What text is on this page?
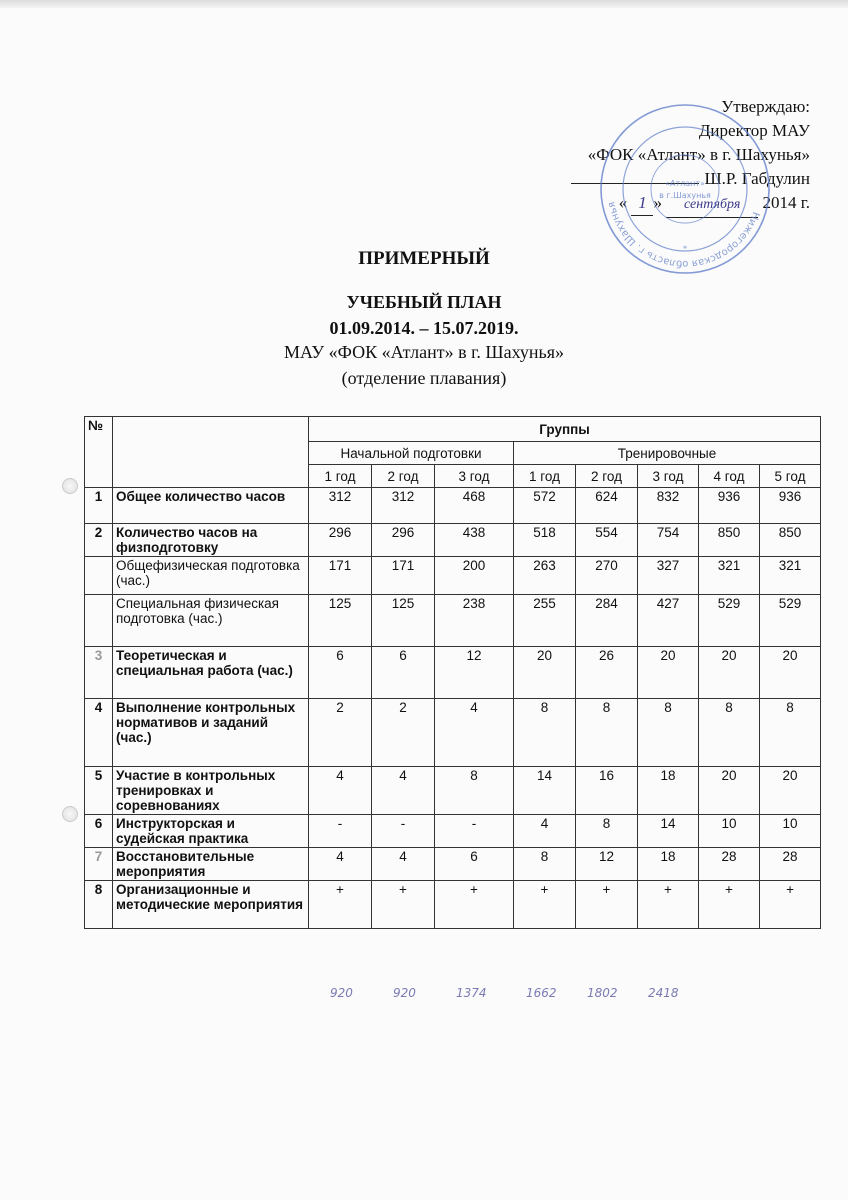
Утверждаю:
Директор МАУ
«ФОК «Атлант» в г. Шахунья»
Ш.Р. Габдулин
« 1 » сентября 2014 г.
Нижегородская область г. Шахунья
«Атлант»
в г.Шахунья
*
ПРИМЕРНЫЙ
УЧЕБНЫЙ ПЛАН
01.09.2014. – 15.07.2019.
МАУ «ФОК «Атлант» в г. Шахунья»
(отделение плавания)
№		Группы							
		Начальной подготовки			Тренировочные				
		1 год	2 год	3 год	1 год	2 год	3 год	4 год	5 год
1	Общее количество часов	312	312	468	572	624	832	936	936
2	Количество часов на физподготовку	296	296	438	518	554	754	850	850
	Общефизическая подготовка (час.)	171	171	200	263	270	327	321	321
	Специальная физическая подготовка (час.)	125	125	238	255	284	427	529	529
3	Теоретическая и специальная работа (час.)	6	6	12	20	26	20	20	20
4	Выполнение контрольных нормативов и заданий (час.)	2	2	4	8	8	8	8	8
5	Участие в контрольных тренировках и соревнованиях	4	4	8	14	16	18	20	20
6	Инструкторская и судейская практика	-	-	-	4	8	14	10	10
7	Восстановительные мероприятия	4	4	6	8	12	18	28	28
8	Организационные и методические мероприятия	+	+	+	+	+	+	+	+
920	920	1374	1662	1802	2418
